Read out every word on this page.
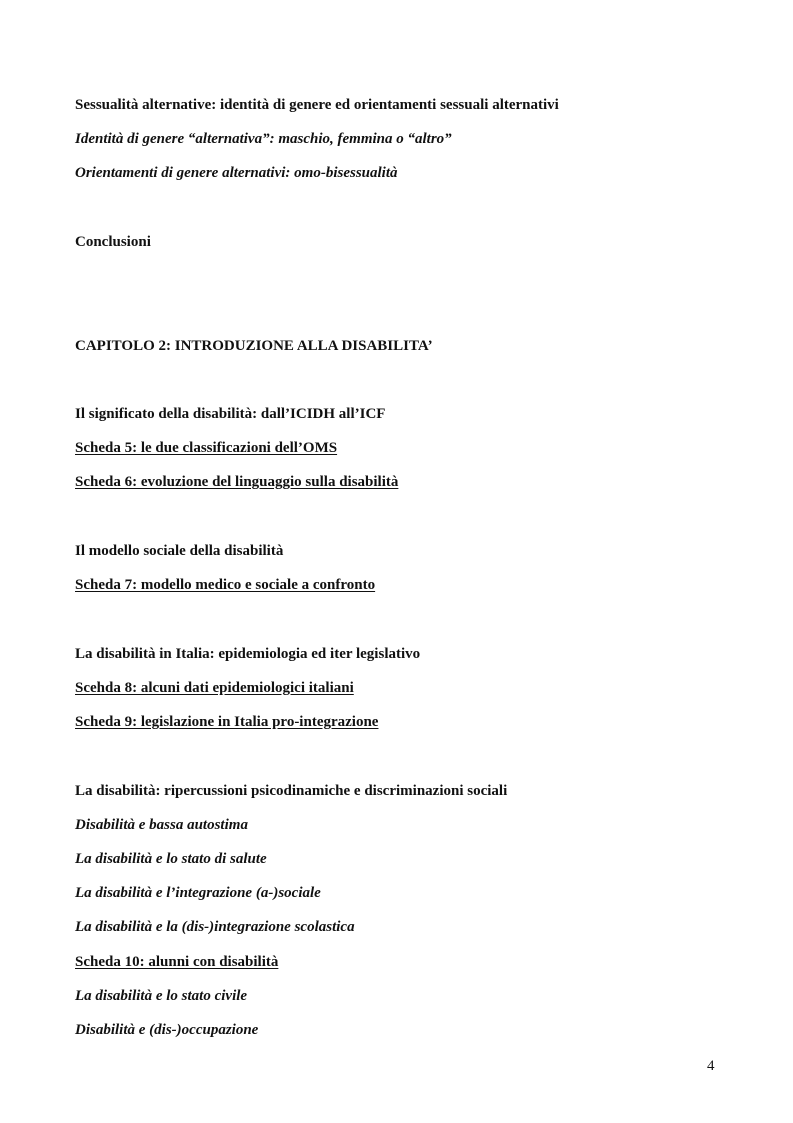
Sessualità alternative: identità di genere ed orientamenti sessuali alternativi
Identità di genere “alternativa”: maschio, femmina o “altro”
Orientamenti di genere alternativi: omo-bisessualità
Conclusioni
CAPITOLO 2: INTRODUZIONE ALLA DISABILITA’
Il significato della disabilità: dall’ICIDH all’ICF
Scheda 5: le due classificazioni dell’OMS
Scheda 6: evoluzione del linguaggio sulla disabilità
Il modello sociale della disabilità
Scheda 7: modello medico e sociale a confronto
La disabilità in Italia: epidemiologia ed iter legislativo
Scehda 8: alcuni dati epidemiologici italiani
Scheda 9: legislazione in Italia pro-integrazione
La disabilità: ripercussioni psicodinamiche e discriminazioni sociali
Disabilità e bassa autostima
La disabilità e lo stato di salute
La disabilità e l’integrazione (a-)sociale
La disabilità e la (dis-)integrazione scolastica
Scheda 10: alunni con disabilità
La disabilità e lo stato civile
Disabilità e (dis-)occupazione
4
